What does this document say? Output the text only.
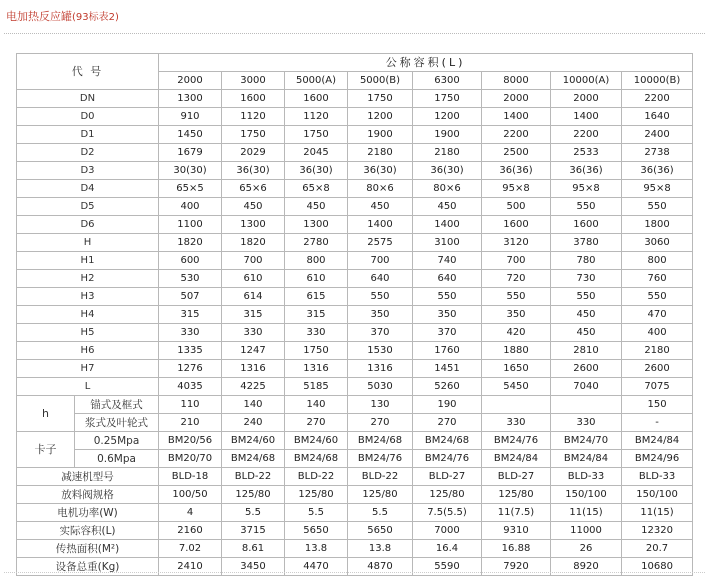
电加热反应罐(93标表2)
代 号		公称容积(L)							
		2000	3000	5000(A)	5000(B)	6300	8000	10000(A)	10000(B)
DN		1300	1600	1600	1750	1750	2000	2000	2200
D0		910	1120	1120	1200	1200	1400	1400	1640
D1		1450	1750	1750	1900	1900	2200	2200	2400
D2		1679	2029	2045	2180	2180	2500	2533	2738
D3		30(30)	36(30)	36(30)	36(30)	36(30)	36(36)	36(36)	36(36)
D4		65×5	65×6	65×8	80×6	80×6	95×8	95×8	95×8
D5		400	450	450	450	450	500	550	550
D6		1100	1300	1300	1400	1400	1600	1600	1800
H		1820	1820	2780	2575	3100	3120	3780	3060
H1		600	700	800	700	740	700	780	800
H2		530	610	610	640	640	720	730	760
H3		507	614	615	550	550	550	550	550
H4		315	315	315	350	350	350	450	470
H5		330	330	330	370	370	420	450	400
H6		1335	1247	1750	1530	1760	1880	2810	2180
H7		1276	1316	1316	1316	1451	1650	2600	2600
L		4035	4225	5185	5030	5260	5450	7040	7075
h	锚式及框式	110	140	140	130	190			150
	浆式及叶轮式	210	240	270	270	270	330	330	-
卡子	0.25Mpa	BM20/56	BM24/60	BM24/60	BM24/68	BM24/68	BM24/76	BM24/70	BM24/84
	0.6Mpa	BM20/70	BM24/68	BM24/68	BM24/76	BM24/76	BM24/84	BM24/84	BM24/96
减速机型号		BLD-18	BLD-22	BLD-22	BLD-22	BLD-27	BLD-27	BLD-33	BLD-33
放料阀规格		100/50	125/80	125/80	125/80	125/80	125/80	150/100	150/100
电机功率(W)		4	5.5	5.5	5.5	7.5(5.5)	11(7.5)	11(15)	11(15)
实际容积(L)		2160	3715	5650	5650	7000	9310	11000	12320
传热面积(M²)		7.02	8.61	13.8	13.8	16.4	16.88	26	20.7
设备总重(Kg)		2410	3450	4470	4870	5590	7920	8920	10680
